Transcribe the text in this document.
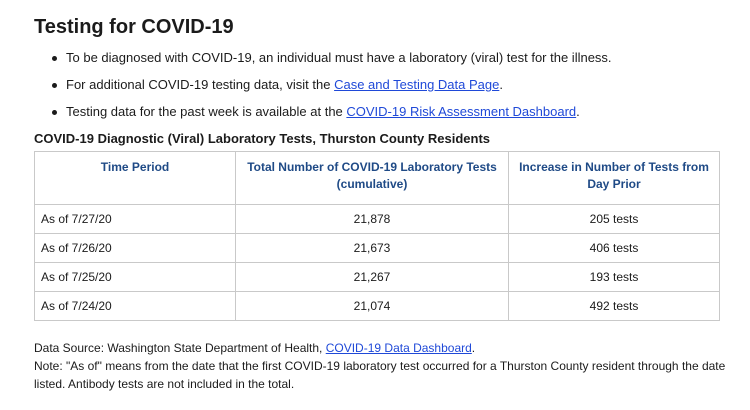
Testing for COVID-19
To be diagnosed with COVID-19, an individual must have a laboratory (viral) test for the illness.
For additional COVID-19 testing data, visit the Case and Testing Data Page.
Testing data for the past week is available at the COVID-19 Risk Assessment Dashboard.
COVID-19 Diagnostic (Viral) Laboratory Tests, Thurston County Residents
Time Period	Total Number of COVID-19 Laboratory Tests (cumulative)	Increase in Number of Tests from Day Prior
As of 7/27/20	21,878	205 tests
As of 7/26/20	21,673	406 tests
As of 7/25/20	21,267	193 tests
As of 7/24/20	21,074	492 tests

Data Source: Washington State Department of Health, COVID-19 Data Dashboard.

Note: "As of" means from the date that the first COVID-19 laboratory test occurred for a Thurston County resident through the date listed. Antibody tests are not included in the total.
